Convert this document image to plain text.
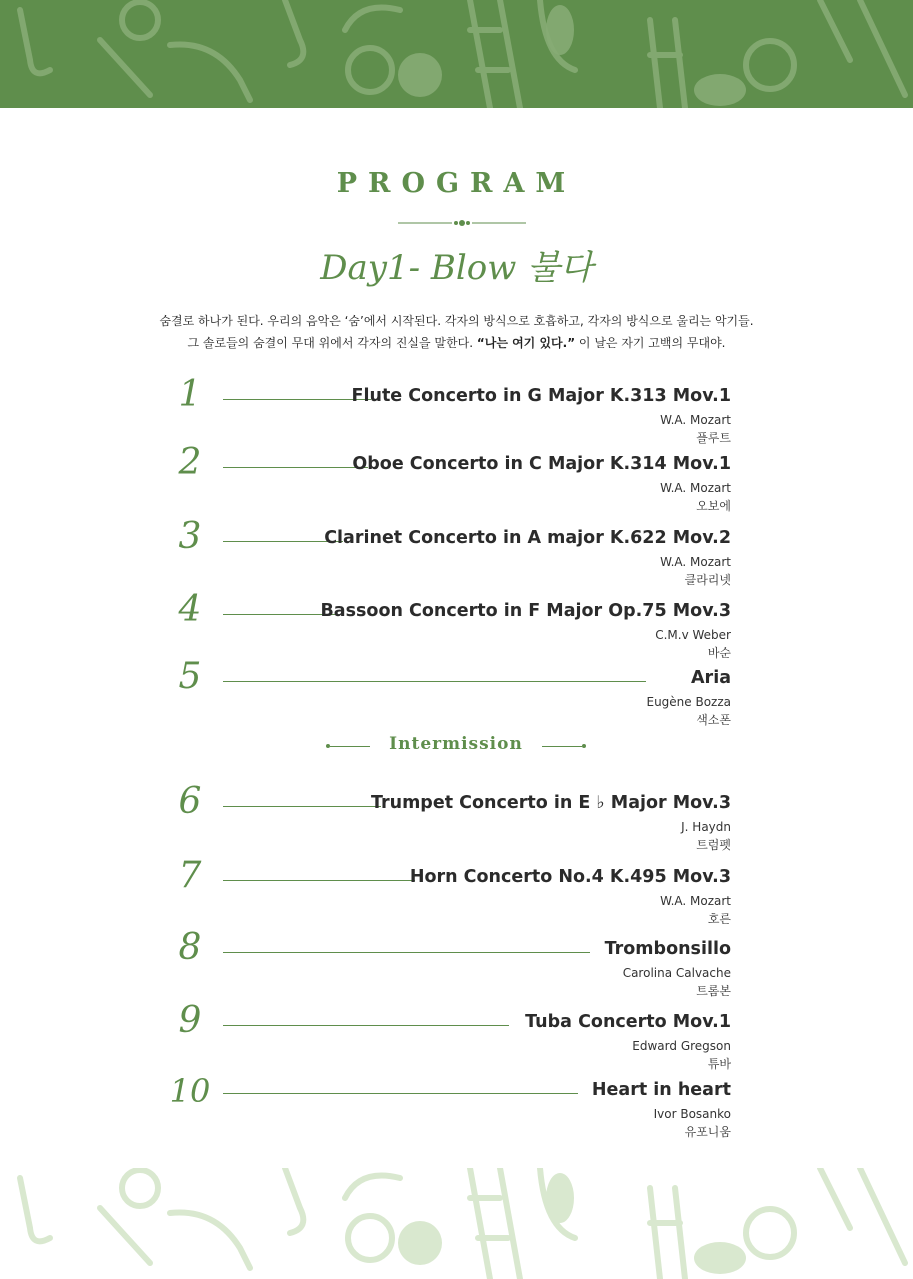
PROGRAM
Day1- Blow 불다
숨결로 하나가 된다. 우리의 음악은 ‘숨’에서 시작된다. 각자의 방식으로 호흡하고, 각자의 방식으로 울리는 악기들.
그 솔로들의 숨결이 무대 위에서 각자의 진실을 말한다. “나는 여기 있다.” 이 날은 자기 고백의 무대야.
1	Flute Concerto in G Major K.313 Mov.1
W.A. Mozart
플루트
2	Oboe Concerto in C Major K.314 Mov.1
W.A. Mozart
오보에
3	Clarinet Concerto in A major K.622 Mov.2
W.A. Mozart
클라리넷
4	Bassoon Concerto in F Major Op.75 Mov.3
C.M.v Weber
바순
5	Aria
Eugène Bozza
색소폰
Intermission
6	Trumpet Concerto in E ♭ Major Mov.3
J. Haydn
트럼펫
7	Horn Concerto No.4 K.495 Mov.3
W.A. Mozart
호른
8	Trombonsillo
Carolina Calvache
트롬본
9	Tuba Concerto Mov.1
Edward Gregson
튜바
10	Heart in heart
Ivor Bosanko
유포니움
